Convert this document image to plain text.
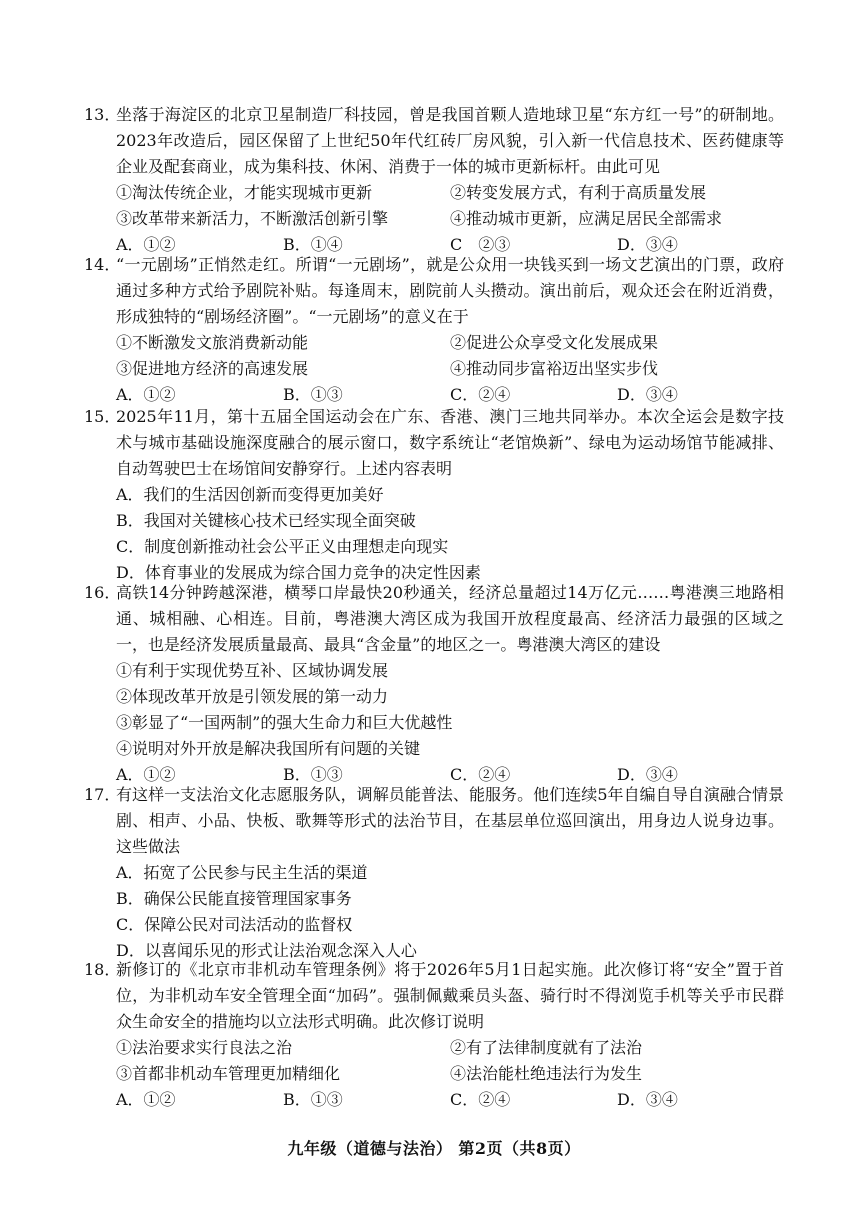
13．
坐落于海淀区的北京卫星制造厂科技园，曾是我国首颗人造地球卫星“东方红一号”的研制地。2023年改造后，园区保留了上世纪50年代红砖厂房风貌，引入新一代信息技术、医药健康等企业及配套商业，成为集科技、休闲、消费于一体的城市更新标杆。由此可见
①淘汰传统企业，才能实现城市更新	②转变发展方式，有利于高质量发展
③改革带来新活力，不断激活创新引擎	④推动城市更新，应满足居民全部需求
A．①②	B．①④	C　②③	D．③④
14．
“一元剧场”正悄然走红。所谓“一元剧场”，就是公众用一块钱买到一场文艺演出的门票，政府通过多种方式给予剧院补贴。每逢周末，剧院前人头攒动。演出前后，观众还会在附近消费，形成独特的“剧场经济圈”。“一元剧场”的意义在于
①不断激发文旅消费新动能	②促进公众享受文化发展成果
③促进地方经济的高速发展	④推动同步富裕迈出坚实步伐
A．①②	B．①③	C．②④	D．③④
15．
2025年11月，第十五届全国运动会在广东、香港、澳门三地共同举办。本次全运会是数字技术与城市基础设施深度融合的展示窗口，数字系统让“老馆焕新”、绿电为运动场馆节能减排、自动驾驶巴士在场馆间安静穿行。上述内容表明
A．我们的生活因创新而变得更加美好
B．我国对关键核心技术已经实现全面突破
C．制度创新推动社会公平正义由理想走向现实
D．体育事业的发展成为综合国力竞争的决定性因素
16．
高铁14分钟跨越深港，横琴口岸最快20秒通关，经济总量超过14万亿元……粤港澳三地路相通、城相融、心相连。目前，粤港澳大湾区成为我国开放程度最高、经济活力最强的区域之一，也是经济发展质量最高、最具“含金量”的地区之一。粤港澳大湾区的建设
①有利于实现优势互补、区域协调发展
②体现改革开放是引领发展的第一动力
③彰显了“一国两制”的强大生命力和巨大优越性
④说明对外开放是解决我国所有问题的关键
A．①②	B．①③	C．②④	D．③④
17．
有这样一支法治文化志愿服务队，调解员能普法、能服务。他们连续5年自编自导自演融合情景剧、相声、小品、快板、歌舞等形式的法治节目，在基层单位巡回演出，用身边人说身边事。这些做法
A．拓宽了公民参与民主生活的渠道
B．确保公民能直接管理国家事务
C．保障公民对司法活动的监督权
D．以喜闻乐见的形式让法治观念深入人心
18．
新修订的《北京市非机动车管理条例》将于2026年5月1日起实施。此次修订将“安全”置于首位，为非机动车安全管理全面“加码”。强制佩戴乘员头盔、骑行时不得浏览手机等关乎市民群众生命安全的措施均以立法形式明确。此次修订说明
①法治要求实行良法之治	②有了法律制度就有了法治
③首都非机动车管理更加精细化	④法治能杜绝违法行为发生
A．①②	B．①③	C．②④	D．③④
九年级（道德与法治） 第2页（共8页）
